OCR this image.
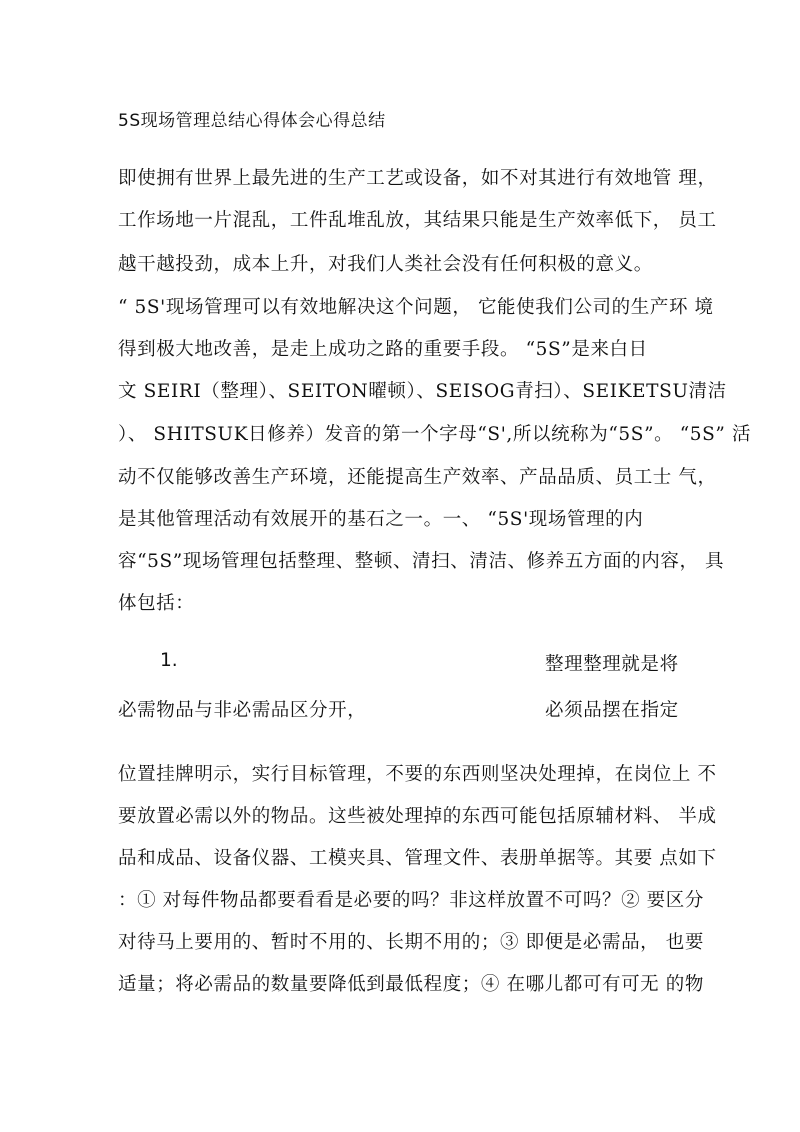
5S现场管理总结心得体会心得总结
即使拥有世界上最先进的生产工艺或设备，如不对其进行有效地管 理，
工作场地一片混乱，工件乱堆乱放，其结果只能是生产效率低下， 员工
越干越投劲，成本上升，对我们人类社会没有任何积极的意义。
“ 5S'现场管理可以有效地解决这个问题， 它能使我们公司的生产环 境
得到极大地改善，是走上成功之路的重要手段。 “5S”是来白日
文 SEIRI（整理）、SEITON曜顿）、SEISOG青扫）、SEIKETSU清洁
）、 SHITSUK日修养）发音的第一个字母“S',所以统称为“5S”。 “5S” 活
动不仅能够改善生产环境，还能提高生产效率、产品品质、员工士 气，
是其他管理活动有效展开的基石之一。一、 “5S'现场管理的内
容“5S”现场管理包括整理、整顿、清扫、清洁、修养五方面的内容， 具
体包括：
1.	整理整理就是将
必需物品与非必需品区分开，	必须品摆在指定
位置挂牌明示，实行目标管理，不要的东西则坚决处理掉，在岗位上 不
要放置必需以外的物品。这些被处理掉的东西可能包括原辅材料、 半成
品和成品、设备仪器、工模夹具、管理文件、表册单据等。其要 点如下
：① 对每件物品都要看看是必要的吗？非这样放置不可吗？② 要区分
对待马上要用的、暂时不用的、长期不用的；③ 即便是必需品， 也要
适量；将必需品的数量要降低到最低程度；④ 在哪儿都可有可无 的物
